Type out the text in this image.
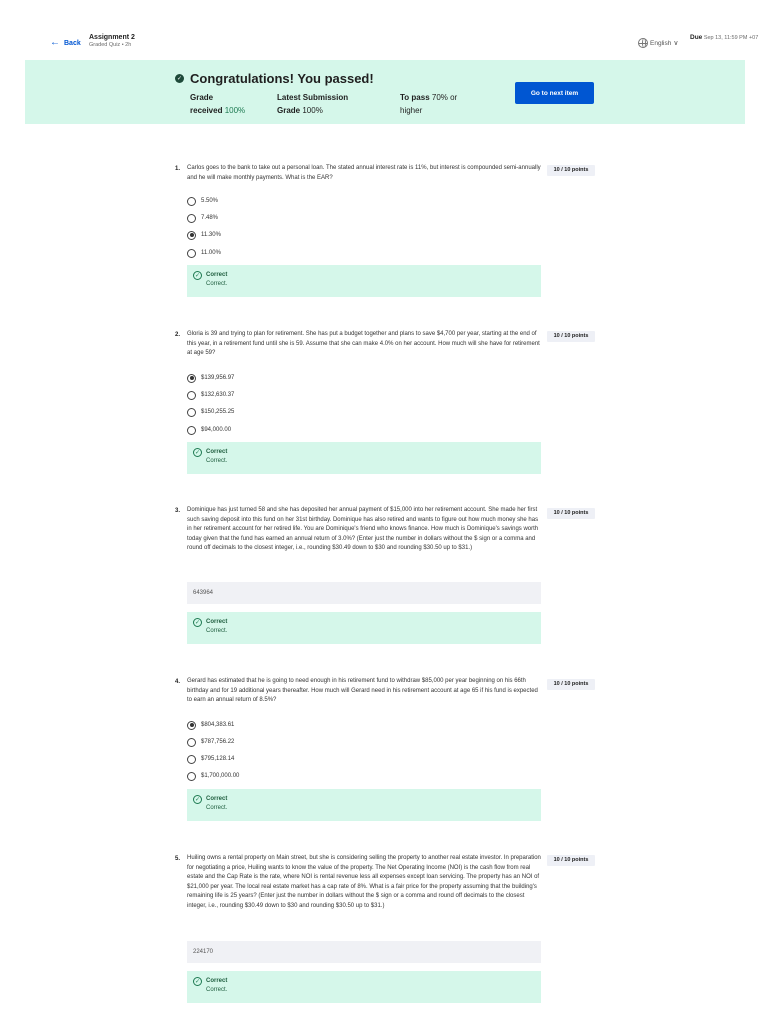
← Back
Assignment 2
Graded Quiz • 2h	English ∨
Due Sep 13, 11:59 PM +07
✓ Congratulations! You passed!
Grade
received 100%
Latest Submission
Grade 100%
To pass 70% or
higher
Go to next item
1. Carlos goes to the bank to take out a personal loan. The stated annual interest rate is 11%, but interest is compounded semi-annually and he will make monthly payments. What is the EAR?
10 / 10 points
5.50%
7.48%
11.30%
11.00%
✓ Correct
Correct.
2. Gloria is 39 and trying to plan for retirement. She has put a budget together and plans to save $4,700 per year, starting at the end of this year, in a retirement fund until she is 59. Assume that she can make 4.0% on her account. How much will she have for retirement at age 59?
10 / 10 points
$139,956.97
$132,630.37
$150,255.25
$94,000.00
✓ Correct
Correct.
3. Dominique has just turned 58 and she has deposited her annual payment of $15,000 into her retirement account. She made her first such saving deposit into this fund on her 31st birthday. Dominique has also retired and wants to figure out how much money she has in her retirement account for her retired life. You are Dominique's friend who knows finance. How much is Dominique's savings worth today given that the fund has earned an annual return of 3.0%? (Enter just the number in dollars without the $ sign or a comma and round off decimals to the closest integer, i.e., rounding $30.49 down to $30 and rounding $30.50 up to $31.)
10 / 10 points
643964
✓ Correct
Correct.
4. Gerard has estimated that he is going to need enough in his retirement fund to withdraw $85,000 per year beginning on his 66th birthday and for 19 additional years thereafter. How much will Gerard need in his retirement account at age 65 if his fund is expected to earn an annual return of 8.5%?
10 / 10 points
$804,383.61
$787,756.22
$795,128.14
$1,700,000.00
✓ Correct
Correct.
5. Huiling owns a rental property on Main street, but she is considering selling the property to another real estate investor. In preparation for negotiating a price, Huiling wants to know the value of the property. The Net Operating Income (NOI) is the cash flow from real estate and the Cap Rate is the rate, where NOI is rental revenue less all expenses except loan servicing. The property has an NOI of $21,000 per year. The local real estate market has a cap rate of 8%. What is a fair price for the property assuming that the building's remaining life is 25 years? (Enter just the number in dollars without the $ sign or a comma and round off decimals to the closest integer, i.e., rounding $30.49 down to $30 and rounding $30.50 up to $31.)
10 / 10 points
224170
✓ Correct
Correct.
